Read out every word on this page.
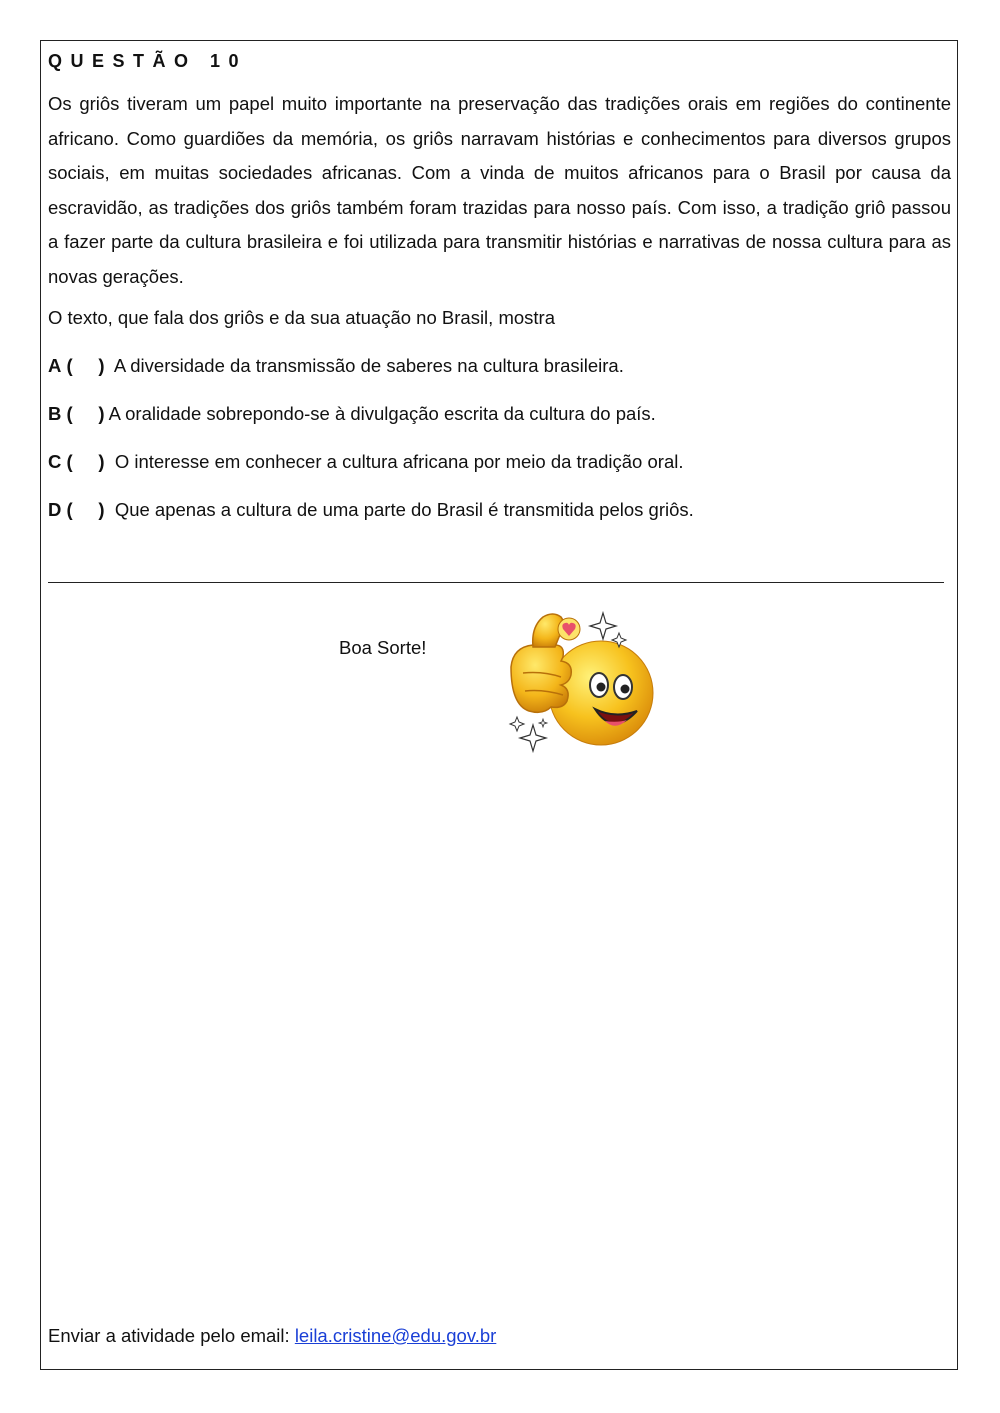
QUESTÃO 10

Os griôs tiveram um papel muito importante na preservação das tradições orais em regiões do continente africano. Como guardiões da memória, os griôs narravam histórias e conhecimentos para diversos grupos sociais, em muitas sociedades africanas. Com a vinda de muitos africanos para o Brasil por causa da escravidão, as tradições dos griôs também foram trazidas para nosso país. Com isso, a tradição griô passou a fazer parte da cultura brasileira e foi utilizada para transmitir histórias e narrativas de nossa cultura para as novas gerações.

O texto, que fala dos griôs e da sua atuação no Brasil, mostra

A (     ) A diversidade da transmissão de saberes na cultura brasileira.
B (     ) A oralidade sobrepondo-se à divulgação escrita da cultura do país.
C (     ) O interesse em conhecer a cultura africana por meio da tradição oral.
D (     ) Que apenas a cultura de uma parte do Brasil é transmitida pelos griôs.
Boa Sorte!
Enviar a atividade pelo email: leila.cristine@edu.gov.br
